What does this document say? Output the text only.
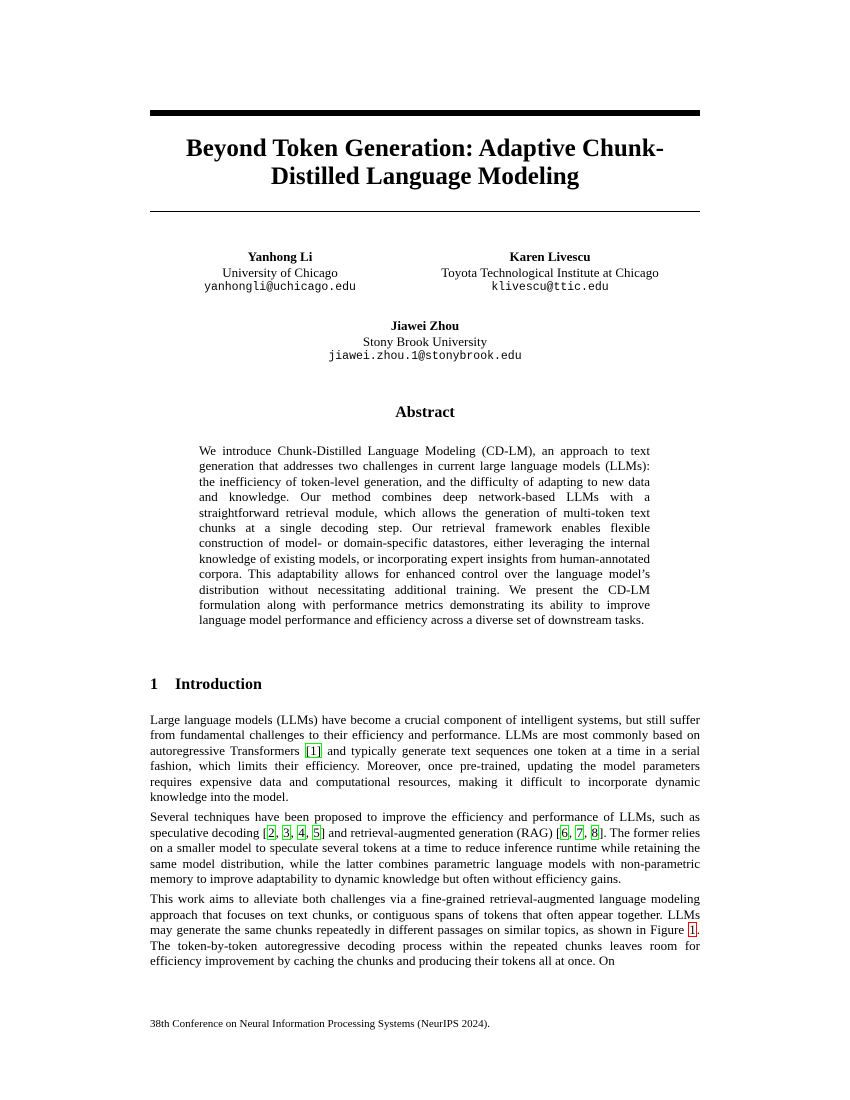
Beyond Token Generation: Adaptive Chunk-Distilled Language Modeling
Yanhong Li
University of Chicago
yanhongli@uchicago.edu
Karen Livescu
Toyota Technological Institute at Chicago
klivescu@ttic.edu
Jiawei Zhou
Stony Brook University
jiawei.zhou.1@stonybrook.edu
Abstract
We introduce Chunk-Distilled Language Modeling (CD-LM), an approach to text generation that addresses two challenges in current large language models (LLMs): the inefficiency of token-level generation, and the difficulty of adapting to new data and knowledge. Our method combines deep network-based LLMs with a straightforward retrieval module, which allows the generation of multi-token text chunks at a single decoding step. Our retrieval framework enables flexible construction of model- or domain-specific datastores, either leveraging the internal knowledge of existing models, or incorporating expert insights from human-annotated corpora. This adaptability allows for enhanced control over the language model’s distribution without necessitating additional training. We present the CD-LM formulation along with performance metrics demonstrating its ability to improve language model performance and efficiency across a diverse set of downstream tasks.
1 Introduction

Large language models (LLMs) have become a crucial component of intelligent systems, but still suffer from fundamental challenges to their efficiency and performance. LLMs are most commonly based on autoregressive Transformers [1] and typically generate text sequences one token at a time in a serial fashion, which limits their efficiency. Moreover, once pre-trained, updating the model parameters requires expensive data and computational resources, making it difficult to incorporate dynamic knowledge into the model.

Several techniques have been proposed to improve the efficiency and performance of LLMs, such as speculative decoding [2, 3, 4, 5] and retrieval-augmented generation (RAG) [6, 7, 8]. The former relies on a smaller model to speculate several tokens at a time to reduce inference runtime while retaining the same model distribution, while the latter combines parametric language models with non-parametric memory to improve adaptability to dynamic knowledge but often without efficiency gains.

This work aims to alleviate both challenges via a fine-grained retrieval-augmented language modeling approach that focuses on text chunks, or contiguous spans of tokens that often appear together. LLMs may generate the same chunks repeatedly in different passages on similar topics, as shown in Figure 1. The token-by-token autoregressive decoding process within the repeated chunks leaves room for efficiency improvement by caching the chunks and producing their tokens all at once. On

38th Conference on Neural Information Processing Systems (NeurIPS 2024).
